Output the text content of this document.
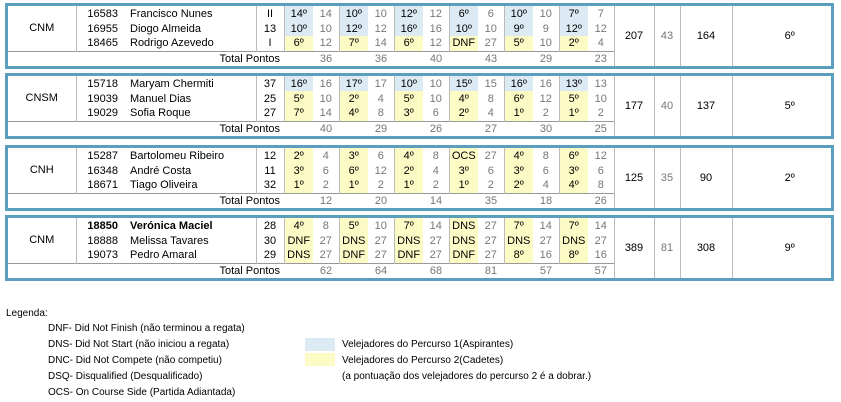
CNM	16583	Francisco Nunes	II	14º	14	10º	10	12º	12	6º	6	10º	10	7º	7	207	43	164	6º
	16955	Diogo Almeida	13	10º	10	12º	12	16º	16	10º	10	9º	9	12º	12				
	18465	Rodrigo Azevedo	I	6º	12	7º	14	6º	12	DNF	27	5º	10	2º	4				
Total Pontos					36		36		40		43		29		23				
CNSM	15718	Maryam Chermiti	37	16º	16	17º	17	10º	10	15º	15	16º	16	13º	13	177	40	137	5º
	19039	Manuel Dias	25	5º	10	2º	4	5º	10	4º	8	6º	12	5º	10				
	19029	Sofia Roque	27	7º	14	4º	8	3º	6	2º	4	1º	2	1º	2				
Total Pontos					40		29		26		27		30		25				
CNH	15287	Bartolomeu Ribeiro	12	2º	4	3º	6	4º	8	OCS	27	4º	8	6º	12	125	35	90	2º
	16348	André Costa	11	3º	6	6º	12	2º	4	3º	6	3º	6	3º	6				
	18671	Tiago Oliveira	32	1º	2	1º	2	1º	2	1º	2	2º	4	4º	8				
Total Pontos					12		20		14		35		18		26				
CNM	18850	Verónica Maciel	28	4º	8	5º	10	7º	14	DNS	27	7º	14	7º	14	389	81	308	9º
	18888	Melissa Tavares	30	DNF	27	DNS	27	DNS	27	DNS	27	DNS	27	DNS	27				
	19073	Pedro Amaral	29	DNS	27	DNF	27	DNF	27	DNF	27	8º	16	8º	16				
Total Pontos					62		64		68		81		57		57				
Legenda:
DNF- Did Not Finish (não terminou a regata)
DNS- Did Not Start (não iniciou a regata)
DNC- Did Not Compete (não competiu)
DSQ- Disqualified (Desqualificado)
OCS- On Course Side (Partida Adiantada)
Velejadores do Percurso 1(Aspirantes)
Velejadores do Percurso 2(Cadetes)
(a pontuação dos velejadores do percurso 2 é a dobrar.)
